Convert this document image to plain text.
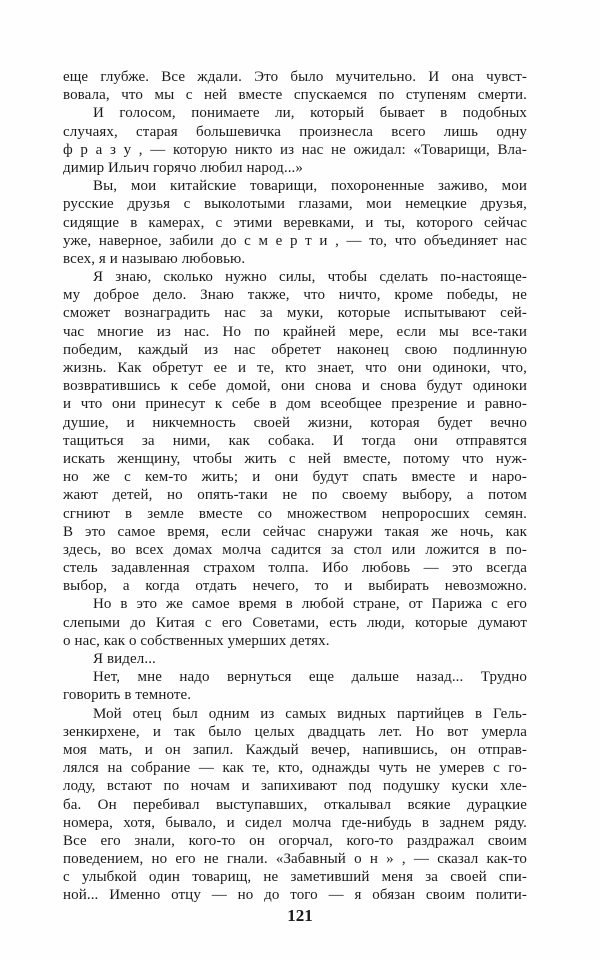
еще глубже. Все ждали. Это было мучительно. И она чувст-
вовала, что мы с ней вместе спускаемся по ступеням смерти.
И голосом, понимаете ли, который бывает в подобных
случаях, старая большевичка произнесла всего лишь одну
ф р а з у , — которую никто из нас не ожидал: «Товарищи, Вла-
димир Ильич горячо любил народ...»
Вы, мои китайские товарищи, похороненные заживо, мои
русские друзья с выколотыми глазами, мои немецкие друзья,
сидящие в камерах, с этими веревками, и ты, которого сейчас
уже, наверное, забили до с м е р т и , — то, что объединяет нас
всех, я и называю любовью.
Я знаю, сколько нужно силы, чтобы сделать по-настояще-
му доброе дело. Знаю также, что ничто, кроме победы, не
сможет вознаградить нас за муки, которые испытывают сей-
час многие из нас. Но по крайней мере, если мы все-таки
победим, каждый из нас обретет наконец свою подлинную
жизнь. Как обретут ее и те, кто знает, что они одиноки, что,
возвратившись к себе домой, они снова и снова будут одиноки
и что они принесут к себе в дом всеобщее презрение и равно-
душие, и никчемность своей жизни, которая будет вечно
тащиться за ними, как собака. И тогда они отправятся
искать женщину, чтобы жить с ней вместе, потому что нуж-
но же с кем-то жить; и они будут спать вместе и наро-
жают детей, но опять-таки не по своему выбору, а потом
сгниют в земле вместе со множеством непроросших семян.
В это самое время, если сейчас снаружи такая же ночь, как
здесь, во всех домах молча садится за стол или ложится в по-
стель задавленная страхом толпа. Ибо любовь — это всегда
выбор, а когда отдать нечего, то и выбирать невозможно.
Но в это же самое время в любой стране, от Парижа с его
слепыми до Китая с его Советами, есть люди, которые думают
о нас, как о собственных умерших детях.
Я видел...
Нет, мне надо вернуться еще дальше назад... Трудно
говорить в темноте.
Мой отец был одним из самых видных партийцев в Гель-
зенкирхене, и так было целых двадцать лет. Но вот умерла
моя мать, и он запил. Каждый вечер, напившись, он отправ-
лялся на собрание — как те, кто, однажды чуть не умерев с го-
лоду, встают по ночам и запихивают под подушку куски хле-
ба. Он перебивал выступавших, откалывал всякие дурацкие
номера, хотя, бывало, и сидел молча где-нибудь в заднем ряду.
Все его знали, кого-то он огорчал, кого-то раздражал своим
поведением, но его не гнали. «Забавный о н » , — сказал как-то
с улыбкой один товарищ, не заметивший меня за своей спи-
ной... Именно отцу — но до того — я обязан своим полити-
121
